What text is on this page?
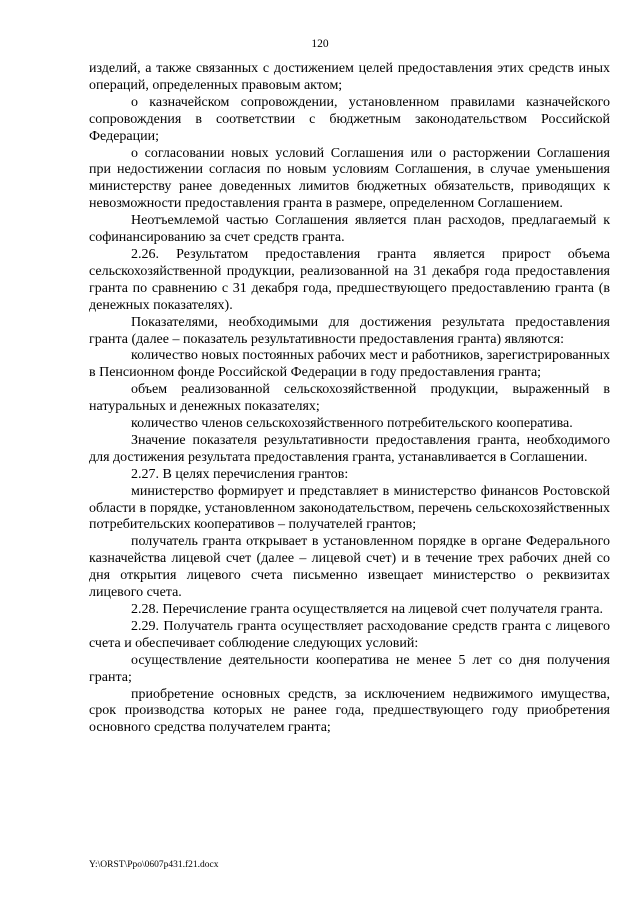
120

изделий, а также связанных с достижением целей предоставления этих средств иных операций, определенных правовым актом;

о казначейском сопровождении, установленном правилами казначейского сопровождения в соответствии с бюджетным законодательством Российской Федерации;

о согласовании новых условий Соглашения или о расторжении Соглашения при недостижении согласия по новым условиям Соглашения, в случае уменьшения министерству ранее доведенных лимитов бюджетных обязательств, приводящих к невозможности предоставления гранта в размере, определенном Соглашением.

Неотъемлемой частью Соглашения является план расходов, предлагаемый к софинансированию за счет средств гранта.

2.26. Результатом предоставления гранта является прирост объема сельскохозяйственной продукции, реализованной на 31 декабря года предоставления гранта по сравнению с 31 декабря года, предшествующего предоставлению гранта (в денежных показателях).

Показателями, необходимыми для достижения результата предоставления гранта (далее – показатель результативности предоставления гранта) являются:

количество новых постоянных рабочих мест и работников, зарегистрированных в Пенсионном фонде Российской Федерации в году предоставления гранта;

объем реализованной сельскохозяйственной продукции, выраженный в натуральных и денежных показателях;

количество членов сельскохозяйственного потребительского кооператива.

Значение показателя результативности предоставления гранта, необходимого для достижения результата предоставления гранта, устанавливается в Соглашении.

2.27. В целях перечисления грантов:

министерство формирует и представляет в министерство финансов Ростовской области в порядке, установленном законодательством, перечень сельскохозяйственных потребительских кооперативов – получателей грантов;

получатель гранта открывает в установленном порядке в органе Федерального казначейства лицевой счет (далее – лицевой счет) и в течение трех рабочих дней со дня открытия лицевого счета письменно извещает министерство о реквизитах лицевого счета.

2.28. Перечисление гранта осуществляется на лицевой счет получателя гранта.

2.29. Получатель гранта осуществляет расходование средств гранта с лицевого счета и обеспечивает соблюдение следующих условий:

осуществление деятельности кооператива не менее 5 лет со дня получения гранта;

приобретение основных средств, за исключением недвижимого имущества, срок производства которых не ранее года, предшествующего году приобретения основного средства получателем гранта;

Y:\ORST\Ppo\0607p431.f21.docx
